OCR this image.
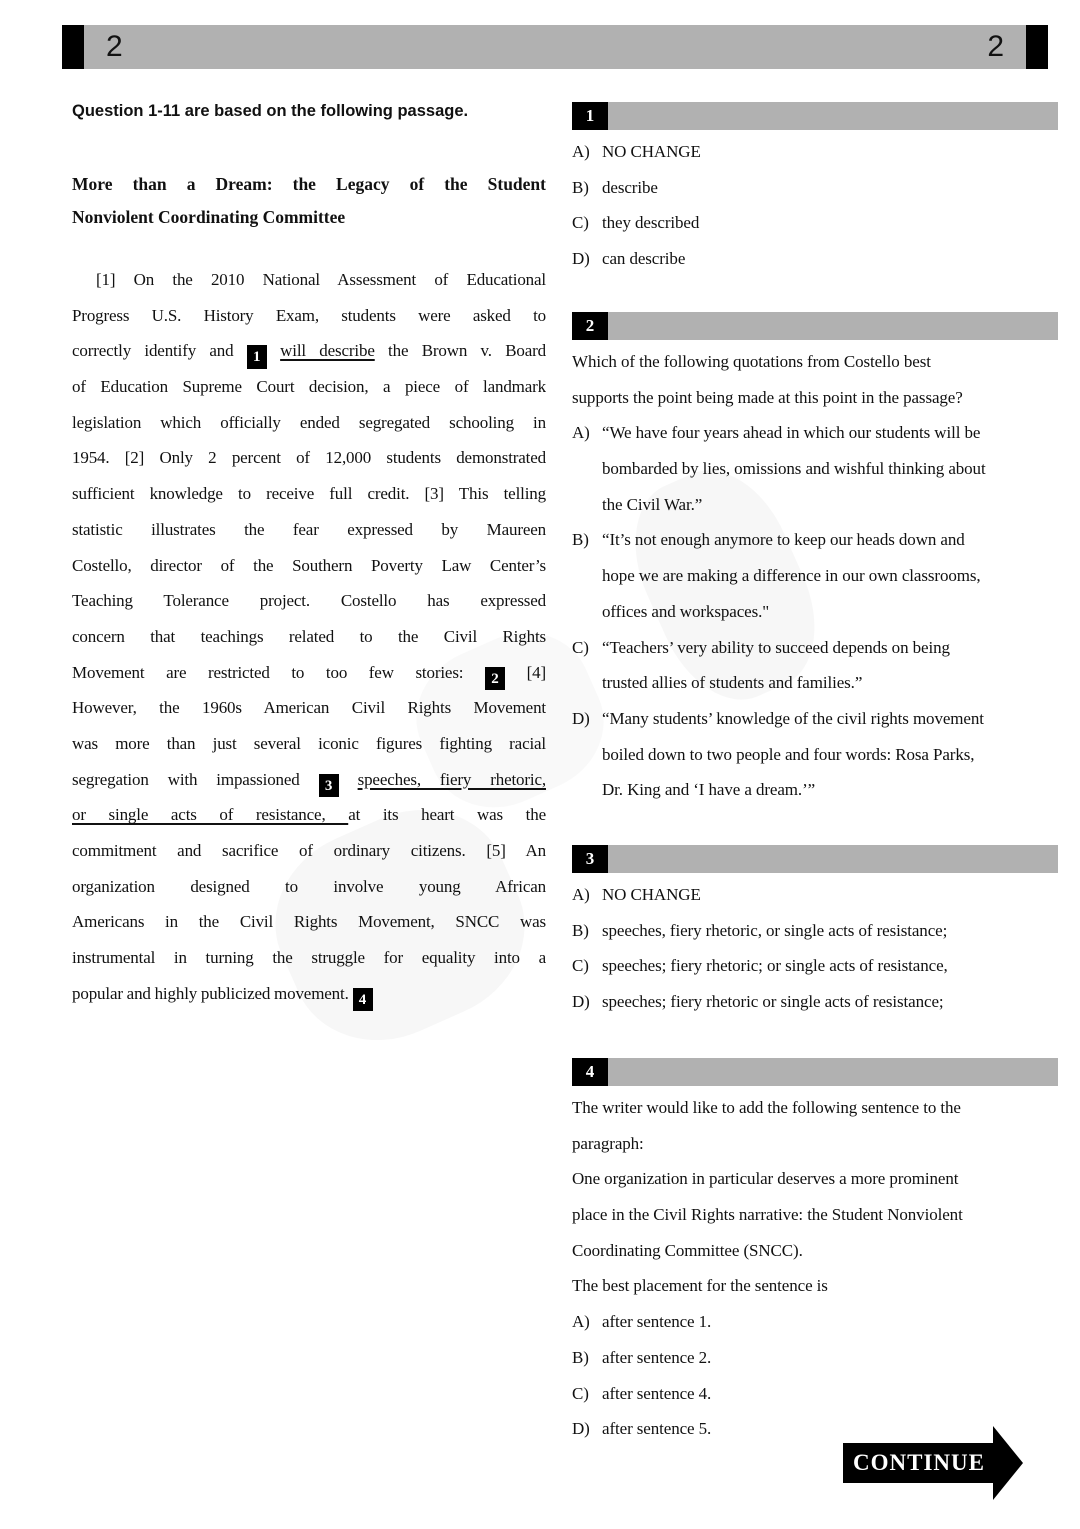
2	2
Question 1-11 are based on the following passage.
More than a Dream: the Legacy of the Student
Nonviolent Coordinating Committee
[1] On the 2010 National Assessment of Educational
Progress U.S. History Exam, students were asked to
correctly identify and 1 will describe the Brown v. Board
of Education Supreme Court decision, a piece of landmark
legislation which officially ended segregated schooling in
1954. [2] Only 2 percent of 12,000 students demonstrated
sufficient knowledge to receive full credit. [3] This telling
statistic illustrates the fear expressed by Maureen
Costello, director of the Southern Poverty Law Center’s
Teaching Tolerance project. Costello has expressed
concern that teachings related to the Civil Rights
Movement are restricted to too few stories: 2 [4]
However, the 1960s American Civil Rights Movement
was more than just several iconic figures fighting racial
segregation with impassioned 3 speeches, fiery rhetoric,
or single acts of resistance, at its heart was the
commitment and sacrifice of ordinary citizens. [5] An
organization designed to involve young African
Americans in the Civil Rights Movement, SNCC was
instrumental in turning the struggle for equality into a
popular and highly publicized movement. 4
1
A) NO CHANGE
B) describe
C) they described
D) can describe
2
Which of the following quotations from Costello best
supports the point being made at this point in the passage?
A) “We have four years ahead in which our students will be
bombarded by lies, omissions and wishful thinking about
the Civil War.”
B) “It’s not enough anymore to keep our heads down and
hope we are making a difference in our own classrooms,
offices and workspaces."
C) “Teachers’ very ability to succeed depends on being
trusted allies of students and families.”
D) “Many students’ knowledge of the civil rights movement
boiled down to two people and four words: Rosa Parks,
Dr. King and ‘I have a dream.’”
3
A) NO CHANGE
B) speeches, fiery rhetoric, or single acts of resistance;
C) speeches; fiery rhetoric; or single acts of resistance,
D) speeches; fiery rhetoric or single acts of resistance;
4
The writer would like to add the following sentence to the
paragraph:
One organization in particular deserves a more prominent
place in the Civil Rights narrative: the Student Nonviolent
Coordinating Committee (SNCC).
The best placement for the sentence is
A) after sentence 1.
B) after sentence 2.
C) after sentence 4.
D) after sentence 5.
CONTINUE
